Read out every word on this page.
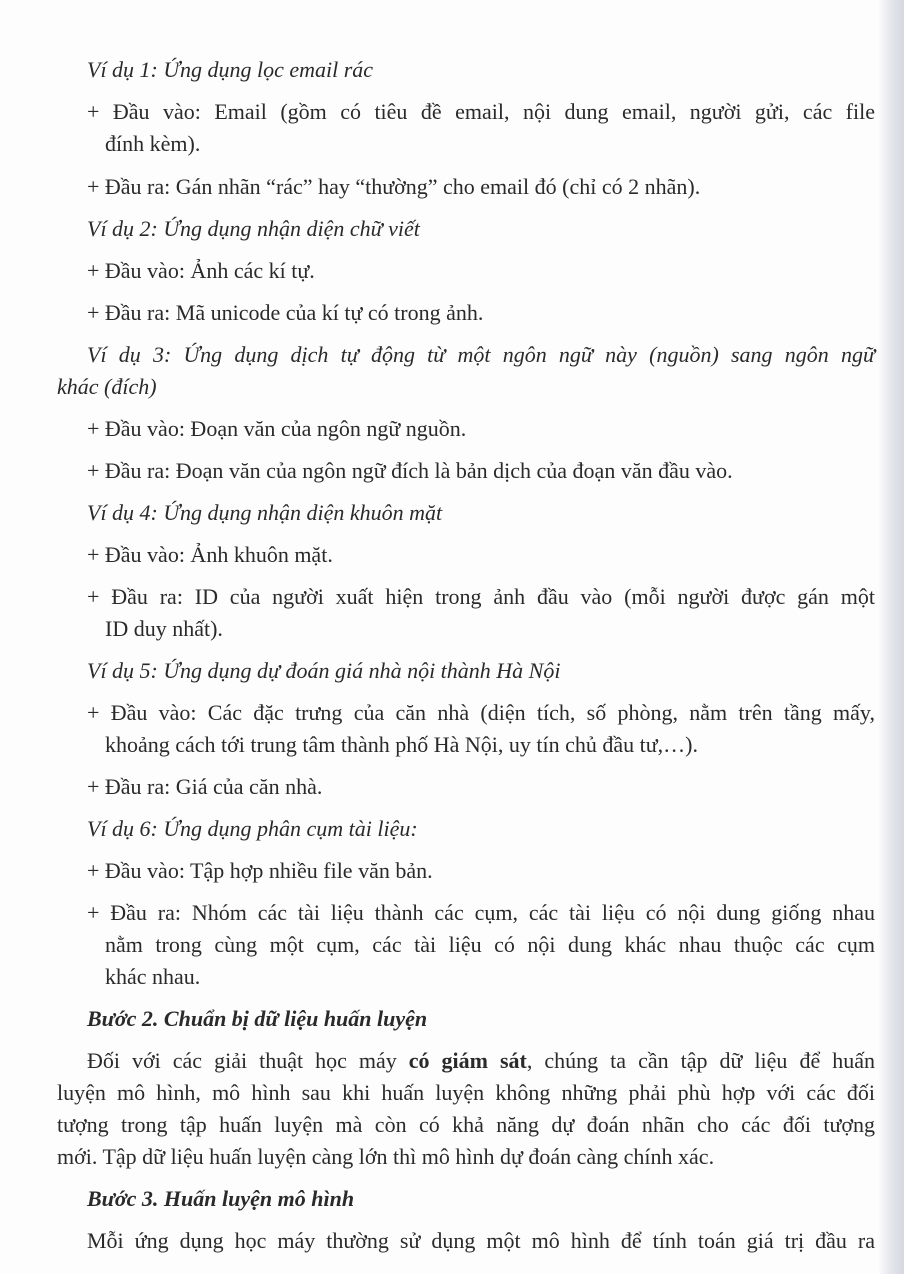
Ví dụ 1: Ứng dụng lọc email rác
+ Đầu vào: Email (gồm có tiêu đề email, nội dung email, người gửi, các file
đính kèm).
+ Đầu ra: Gán nhãn “rác” hay “thường” cho email đó (chỉ có 2 nhãn).
Ví dụ 2: Ứng dụng nhận diện chữ viết
+ Đầu vào: Ảnh các kí tự.
+ Đầu ra: Mã unicode của kí tự có trong ảnh.
Ví dụ 3: Ứng dụng dịch tự động từ một ngôn ngữ này (nguồn) sang ngôn ngữ
khác (đích)
+ Đầu vào: Đoạn văn của ngôn ngữ nguồn.
+ Đầu ra: Đoạn văn của ngôn ngữ đích là bản dịch của đoạn văn đầu vào.
Ví dụ 4: Ứng dụng nhận diện khuôn mặt
+ Đầu vào: Ảnh khuôn mặt.
+ Đầu ra: ID của người xuất hiện trong ảnh đầu vào (mỗi người được gán một
ID duy nhất).
Ví dụ 5: Ứng dụng dự đoán giá nhà nội thành Hà Nội
+ Đầu vào: Các đặc trưng của căn nhà (diện tích, số phòng, nằm trên tầng mấy,
khoảng cách tới trung tâm thành phố Hà Nội, uy tín chủ đầu tư,…).
+ Đầu ra: Giá của căn nhà.
Ví dụ 6: Ứng dụng phân cụm tài liệu:
+ Đầu vào: Tập hợp nhiều file văn bản.
+ Đầu ra: Nhóm các tài liệu thành các cụm, các tài liệu có nội dung giống nhau
nằm trong cùng một cụm, các tài liệu có nội dung khác nhau thuộc các cụm
khác nhau.
Bước 2. Chuẩn bị dữ liệu huấn luyện
Đối với các giải thuật học máy có giám sát, chúng ta cần tập dữ liệu để huấn
luyện mô hình, mô hình sau khi huấn luyện không những phải phù hợp với các đối
tượng trong tập huấn luyện mà còn có khả năng dự đoán nhãn cho các đối tượng
mới. Tập dữ liệu huấn luyện càng lớn thì mô hình dự đoán càng chính xác.
Bước 3. Huấn luyện mô hình
Mỗi ứng dụng học máy thường sử dụng một mô hình để tính toán giá trị đầu ra
